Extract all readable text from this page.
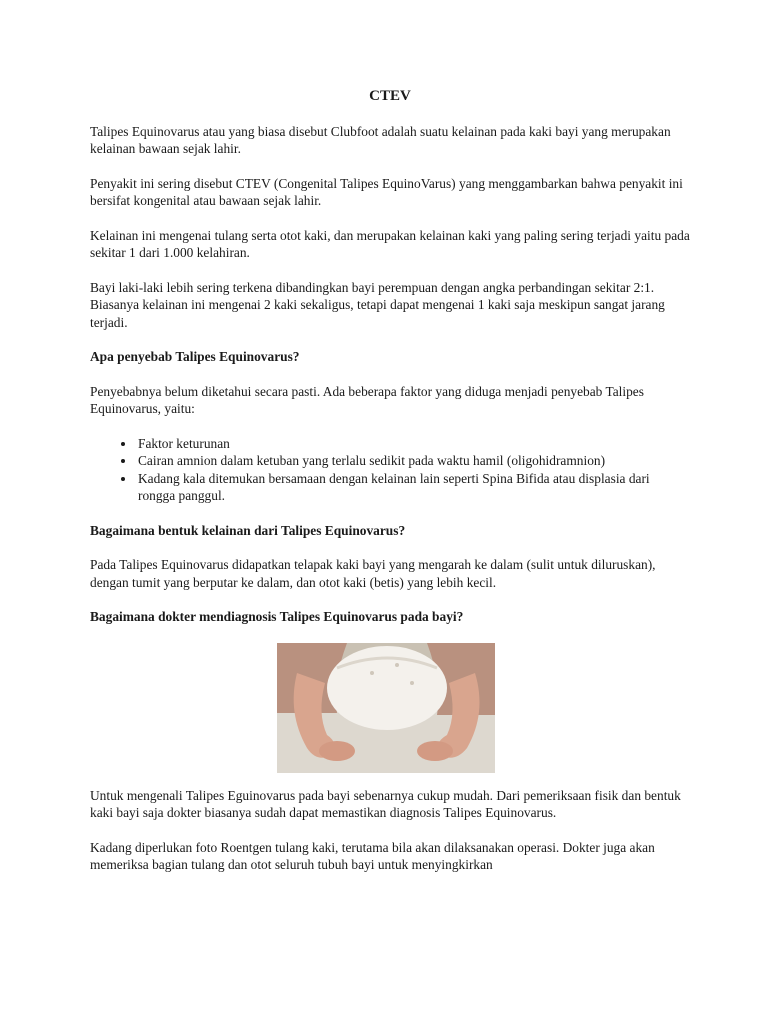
CTEV

Talipes Equinovarus atau yang biasa disebut Clubfoot adalah suatu kelainan pada kaki bayi yang merupakan kelainan bawaan sejak lahir.

Penyakit ini sering disebut CTEV (Congenital Talipes EquinoVarus) yang menggambarkan bahwa penyakit ini bersifat kongenital atau bawaan sejak lahir.

Kelainan ini mengenai tulang serta otot kaki, dan merupakan kelainan kaki yang paling sering terjadi yaitu pada sekitar 1 dari 1.000 kelahiran.

Bayi laki-laki lebih sering terkena dibandingkan bayi perempuan dengan angka perbandingan sekitar 2:1. Biasanya kelainan ini mengenai 2 kaki sekaligus, tetapi dapat mengenai 1 kaki saja meskipun sangat jarang terjadi.

Apa penyebab Talipes Equinovarus?

Penyebabnya belum diketahui secara pasti. Ada beberapa faktor yang diduga menjadi penyebab Talipes Equinovarus, yaitu:

• Faktor keturunan
• Cairan amnion dalam ketuban yang terlalu sedikit pada waktu hamil (oligohidramnion)
• Kadang kala ditemukan bersamaan dengan kelainan lain seperti Spina Bifida atau displasia dari rongga panggul.
Bagaimana bentuk kelainan dari Talipes Equinovarus?

Pada Talipes Equinovarus didapatkan telapak kaki bayi yang mengarah ke dalam (sulit untuk diluruskan), dengan tumit yang berputar ke dalam, dan otot kaki (betis) yang lebih kecil.

Bagaimana dokter mendiagnosis Talipes Equinovarus pada bayi?

Untuk mengenali Talipes Eguinovarus pada bayi sebenarnya cukup mudah. Dari pemeriksaan fisik dan bentuk kaki bayi saja dokter biasanya sudah dapat memastikan diagnosis Talipes Equinovarus.

Kadang diperlukan foto Roentgen tulang kaki, terutama bila akan dilaksanakan operasi. Dokter juga akan memeriksa bagian tulang dan otot seluruh tubuh bayi untuk menyingkirkan
